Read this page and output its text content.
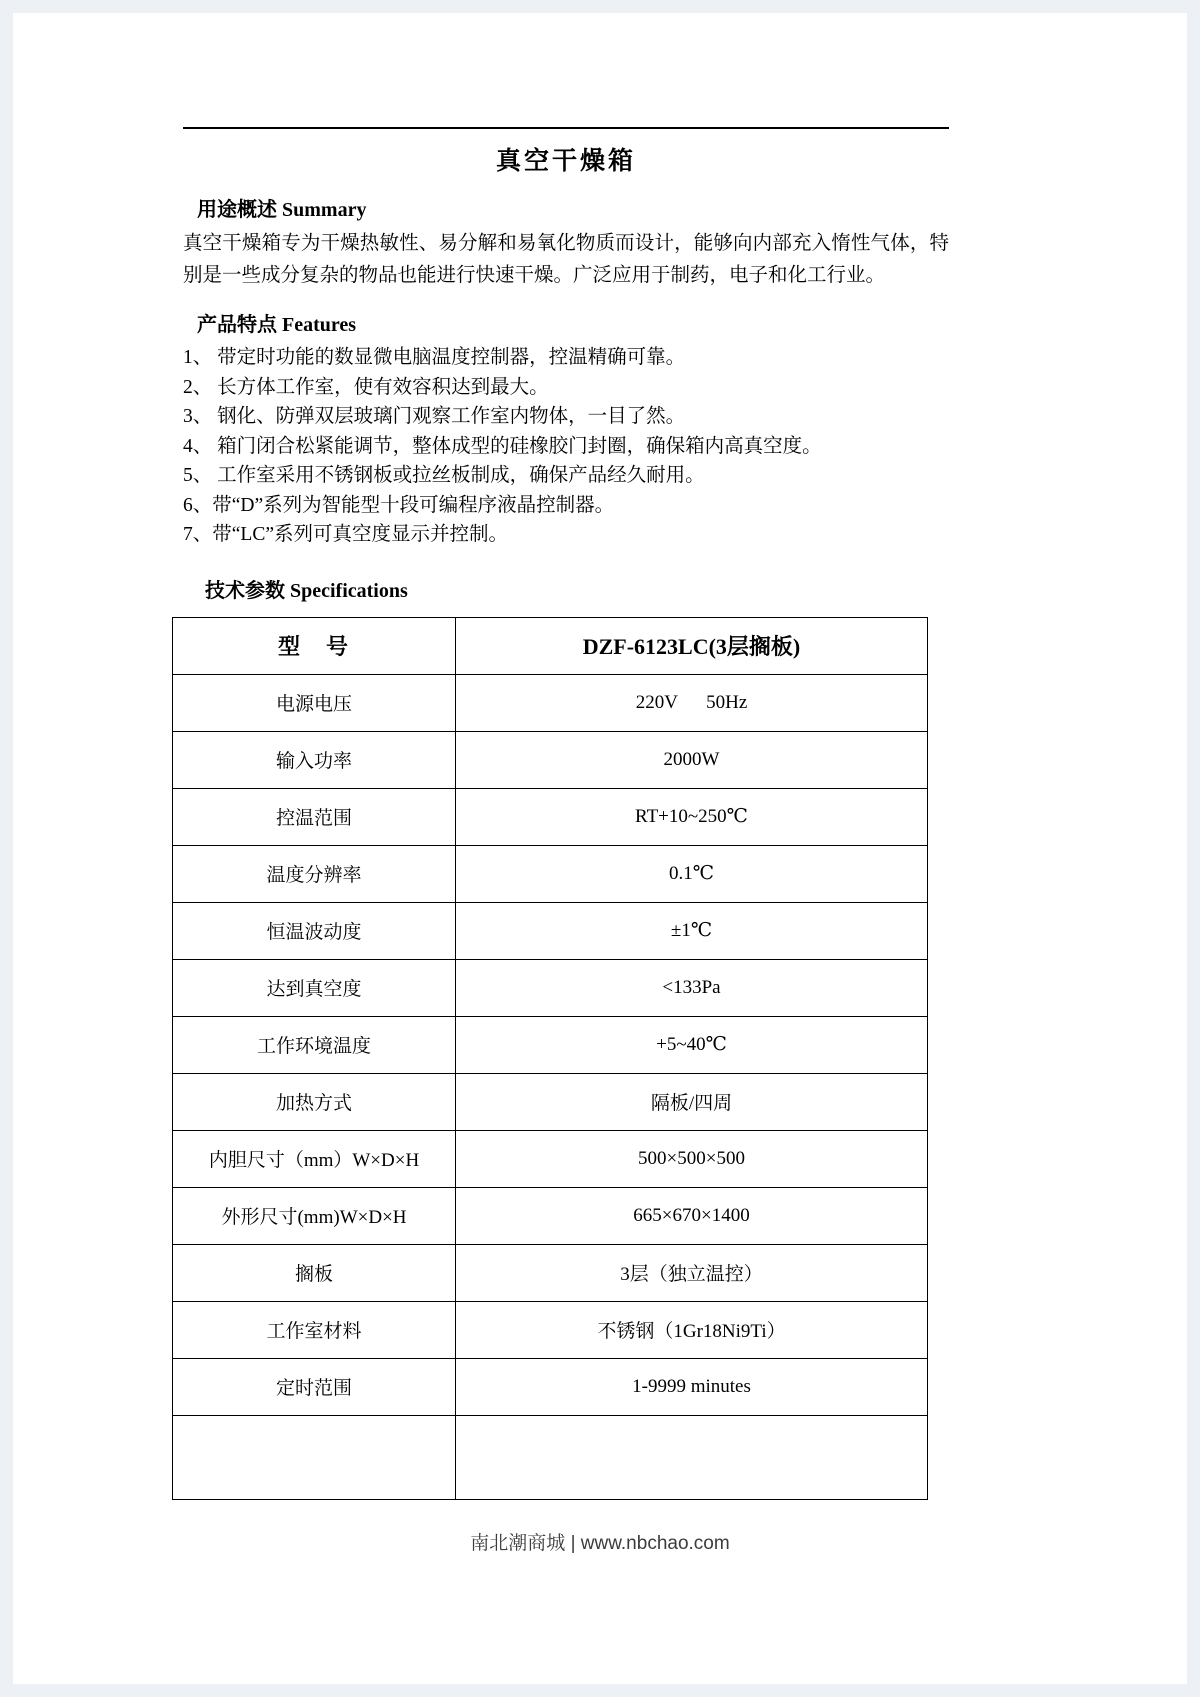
真空干燥箱
用途概述 Summary
真空干燥箱专为干燥热敏性、易分解和易氧化物质而设计，能够向内部充入惰性气体，特别是一些成分复杂的物品也能进行快速干燥。广泛应用于制药，电子和化工行业。
产品特点 Features
1、 带定时功能的数显微电脑温度控制器，控温精确可靠。
2、 长方体工作室，使有效容积达到最大。
3、 钢化、防弹双层玻璃门观察工作室内物体，一目了然。
4、 箱门闭合松紧能调节，整体成型的硅橡胶门封圈，确保箱内高真空度。
5、 工作室采用不锈钢板或拉丝板制成，确保产品经久耐用。
6、带“D”系列为智能型十段可编程序液晶控制器。
7、带“LC”系列可真空度显示并控制。
技术参数 Specifications
型　号	DZF-6123LC(3层搁板)
电源电压	220V      50Hz
输入功率	2000W
控温范围	RT+10~250℃
温度分辨率	0.1℃
恒温波动度	±1℃
达到真空度	<133Pa
工作环境温度	+5~40℃
加热方式	隔板/四周
内胆尺寸（mm）W×D×H	500×500×500
外形尺寸(mm)W×D×H	665×670×1400
搁板	3层（独立温控）
工作室材料	不锈钢（1Gr18Ni9Ti）
定时范围	1-9999 minutes

南北潮商城 | www.nbchao.com
